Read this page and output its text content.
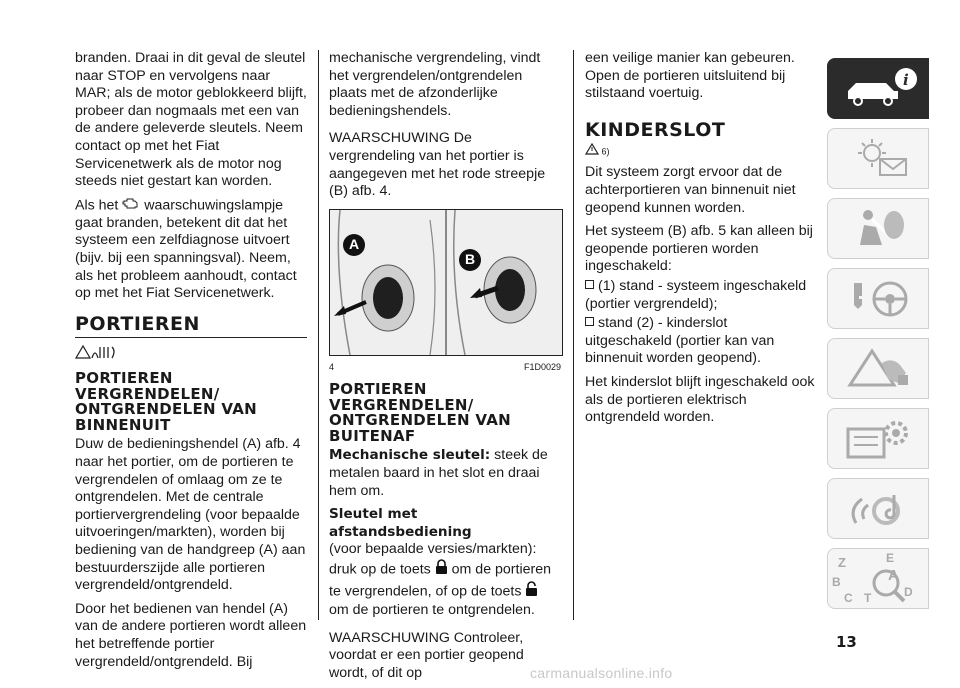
branden. Draai in dit geval de sleutel naar STOP en vervolgens naar MAR; als de motor geblokkeerd blijft, probeer dan nogmaals met een van de andere geleverde sleutels. Neem contact op met het Fiat Servicenetwerk als de motor nog steeds niet gestart kan worden.

Als het waarschuwingslampje gaat branden, betekent dit dat het systeem een zelfdiagnose uitvoert (bijv. bij een spanningsval). Neem, als het probleem aanhoudt, contact op met het Fiat Servicenetwerk.

PORTIEREN
PORTIEREN VERGRENDELEN/ ONTGRENDELEN VAN BINNENUIT

Duw de bedieningshendel (A) afb. 4 naar het portier, om de portieren te vergrendelen of omlaag om ze te ontgrendelen. Met de centrale portiervergrendeling (voor bepaalde uitvoeringen/markten), worden bij bediening van de handgreep (A) aan bestuurderszijde alle portieren vergrendeld/ontgrendeld.

Door het bedienen van hendel (A) van de andere portieren wordt alleen het betreffende portier vergrendeld/ontgrendeld. Bij

mechanische vergrendeling, vindt het vergrendelen/ontgrendelen plaats met de afzonderlijke bedieningshendels.

WAARSCHUWING De vergrendeling van het portier is aangegeven met het rode streepje (B) afb. 4.

A
B
4	F1D0029
PORTIEREN VERGRENDELEN/ ONTGRENDELEN VAN BUITENAF

Mechanische sleutel: steek de metalen baard in het slot en draai hem om.

Sleutel met afstandsbediening
(voor bepaalde versies/markten): druk op de toets om de portieren te vergrendelen, of op de toets  om de portieren te ontgrendelen.

WAARSCHUWING Controleer, voordat er een portier geopend wordt, of dit op

een veilige manier kan gebeuren. Open de portieren uitsluitend bij stilstaand voertuig.

KINDERSLOT
6)

Dit systeem zorgt ervoor dat de achterportieren van binnenuit niet geopend kunnen worden.

Het systeem (B) afb. 5 kan alleen bij geopende portieren worden ingeschakeld:

(1) stand - systeem ingeschakeld (portier vergrendeld);

stand (2) - kinderslot uitgeschakeld (portier kan van binnenuit worden geopend).

Het kinderslot blijft ingeschakeld ook als de portieren elektrisch ontgrendeld worden.

i
Z	E
B	A
C T	D
13
carmanualsonline.info
